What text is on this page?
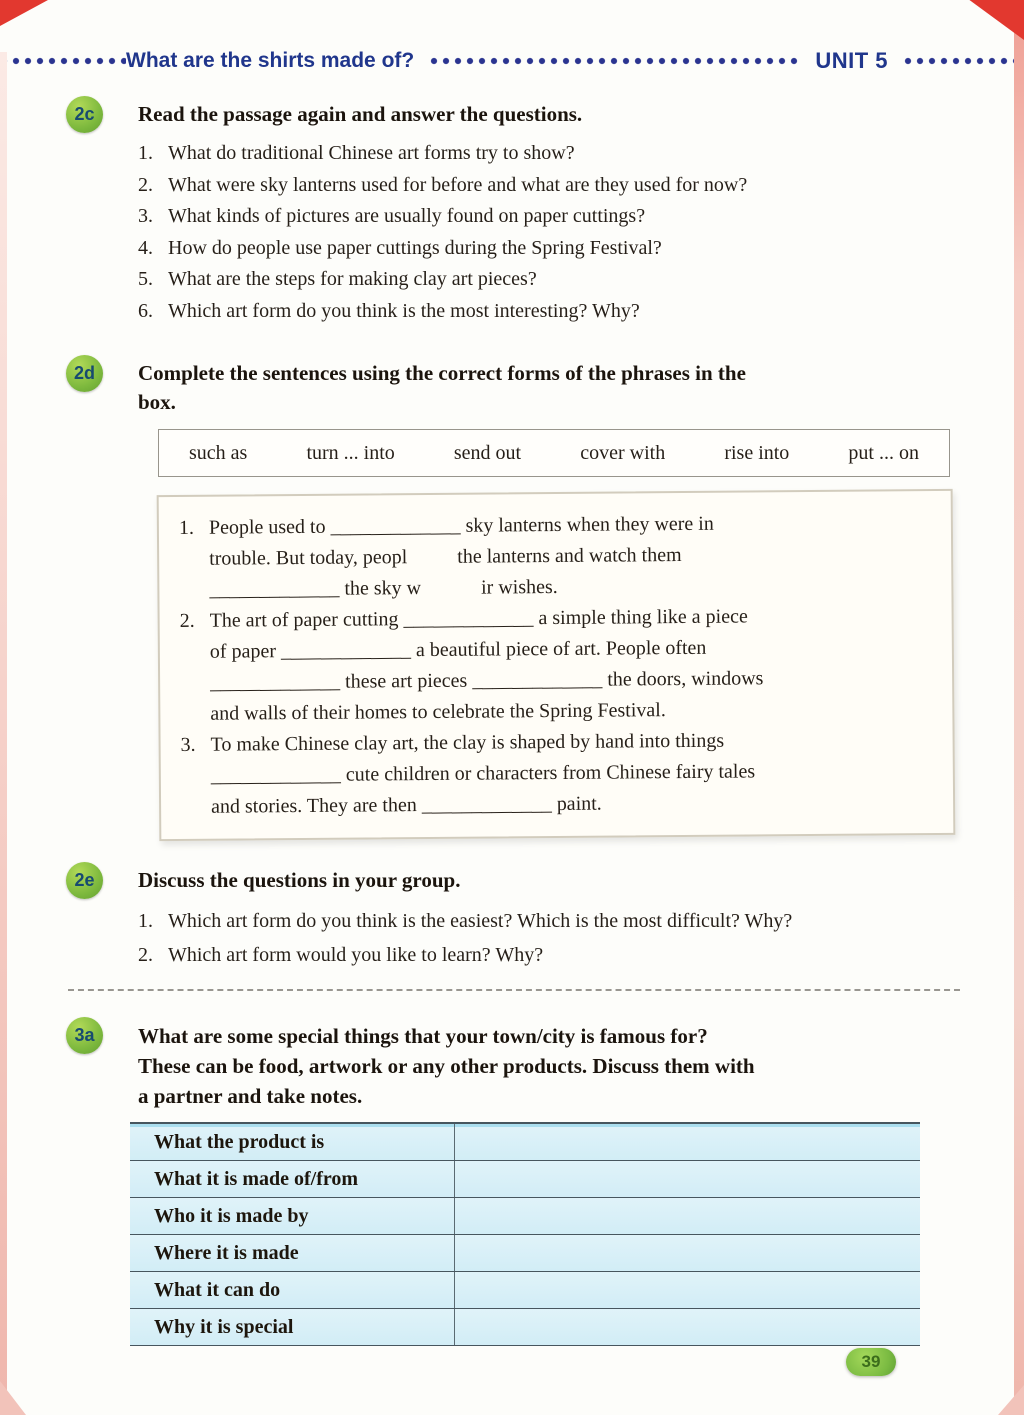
What are the shirts made of?	UNIT 5
2c	Read the passage again and answer the questions.
1. What do traditional Chinese art forms try to show?
2. What were sky lanterns used for before and what are they used for now?
3. What kinds of pictures are usually found on paper cuttings?
4. How do people use paper cuttings during the Spring Festival?
5. What are the steps for making clay art pieces?
6. Which art form do you think is the most interesting? Why?
2d	Complete the sentences using the correct forms of the phrases in the
box.
such as	turn ... into	send out	cover with	rise into	put ... on
1. People used to _____________ sky lanterns when they were in
trouble. But today, peopl          the lanterns and watch them
_____________ the sky w            ir wishes.
2. The art of paper cutting _____________ a simple thing like a piece
of paper _____________ a beautiful piece of art. People often
_____________ these art pieces _____________ the doors, windows
and walls of their homes to celebrate the Spring Festival.
3. To make Chinese clay art, the clay is shaped by hand into things
_____________ cute children or characters from Chinese fairy tales
and stories. They are then _____________ paint.
2e	Discuss the questions in your group.
1. Which art form do you think is the easiest? Which is the most difficult? Why?
2. Which art form would you like to learn? Why?
3a	What are some special things that your town/city is famous for?
These can be food, artwork or any other products. Discuss them with
a partner and take notes.
What the product is
What it is made of/from
Who it is made by
Where it is made
What it can do
Why it is special
39
